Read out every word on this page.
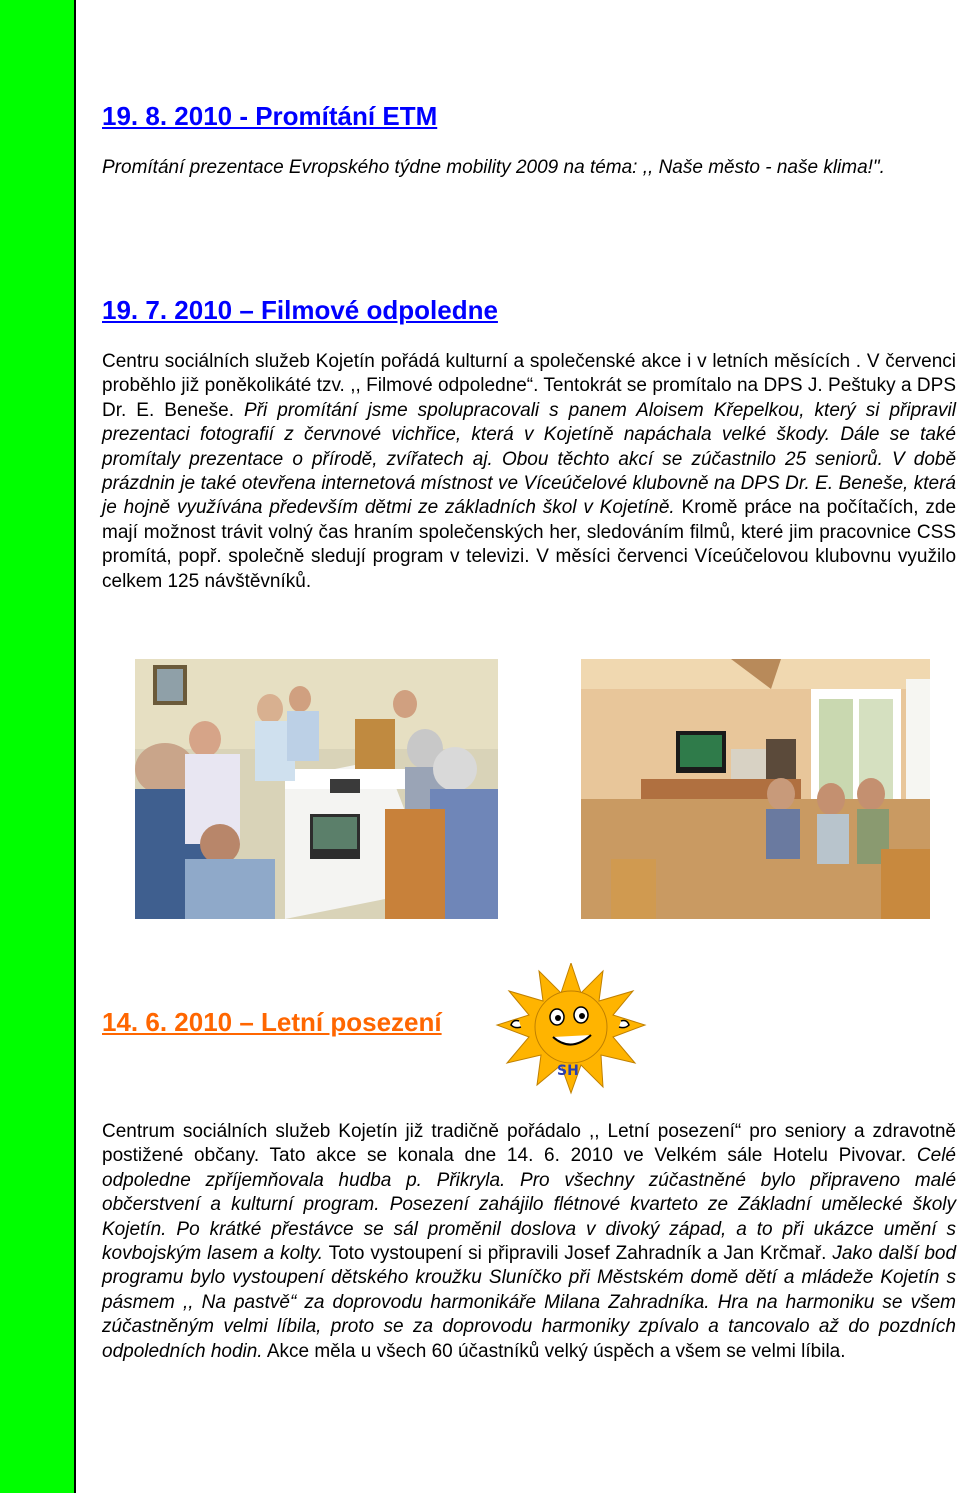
19. 8. 2010 - Promítání ETM

Promítání prezentace Evropského týdne mobility 2009 na téma: ,, Naše město - naše klima!".

19. 7. 2010 – Filmové odpoledne

Centru sociálních služeb Kojetín pořádá kulturní a společenské akce i v letních měsících . V červenci proběhlo již poněkolikáté tzv. ,, Filmové odpoledne“. Tentokrát se promítalo na DPS J. Peštuky a DPS Dr. E. Beneše. Při promítání jsme spolupracovali s panem Aloisem Křepelkou, který si připravil prezentaci fotografií z červnové vichřice, která v Kojetíně napáchala velké škody. Dále se také promítaly prezentace o přírodě, zvířatech aj. Obou těchto akcí se zúčastnilo 25 seniorů. V době prázdnin je také otevřena internetová místnost ve Víceúčelové klubovně na DPS Dr. E. Beneše, která je hojně využívána především dětmi ze základních škol v Kojetíně. Kromě práce na počítačích, zde mají možnost trávit volný čas hraním společenských her, sledováním filmů, které jim pracovnice CSS promítá, popř. společně sledují program v televizi. V měsíci červenci Víceúčelovou klubovnu využilo celkem 125 návštěvníků.

14. 6. 2010 – Letní posezení
SH

Centrum sociálních služeb Kojetín již tradičně pořádalo ,, Letní posezení“ pro seniory a zdravotně postižené občany. Tato akce se konala dne 14. 6. 2010 ve Velkém sále Hotelu Pivovar. Celé odpoledne zpříjemňovala hudba p. Přikryla. Pro všechny zúčastněné bylo připraveno malé občerstvení a kulturní program. Posezení zahájilo flétnové kvarteto ze Základní umělecké školy Kojetín. Po krátké přestávce se sál proměnil doslova v divoký západ, a to při ukázce umění s kovbojským lasem a kolty. Toto vystoupení si připravili Josef Zahradník a Jan Krčmař. Jako další bod programu bylo vystoupení dětského kroužku Sluníčko při Městském domě dětí a mládeže Kojetín s pásmem ,, Na pastvě“ za doprovodu harmonikáře Milana Zahradníka. Hra na harmoniku se všem zúčastněným velmi líbila, proto se za doprovodu harmoniky zpívalo a tancovalo až do pozdních odpoledních hodin. Akce měla u všech 60 účastníků velký úspěch a všem se velmi líbila.
